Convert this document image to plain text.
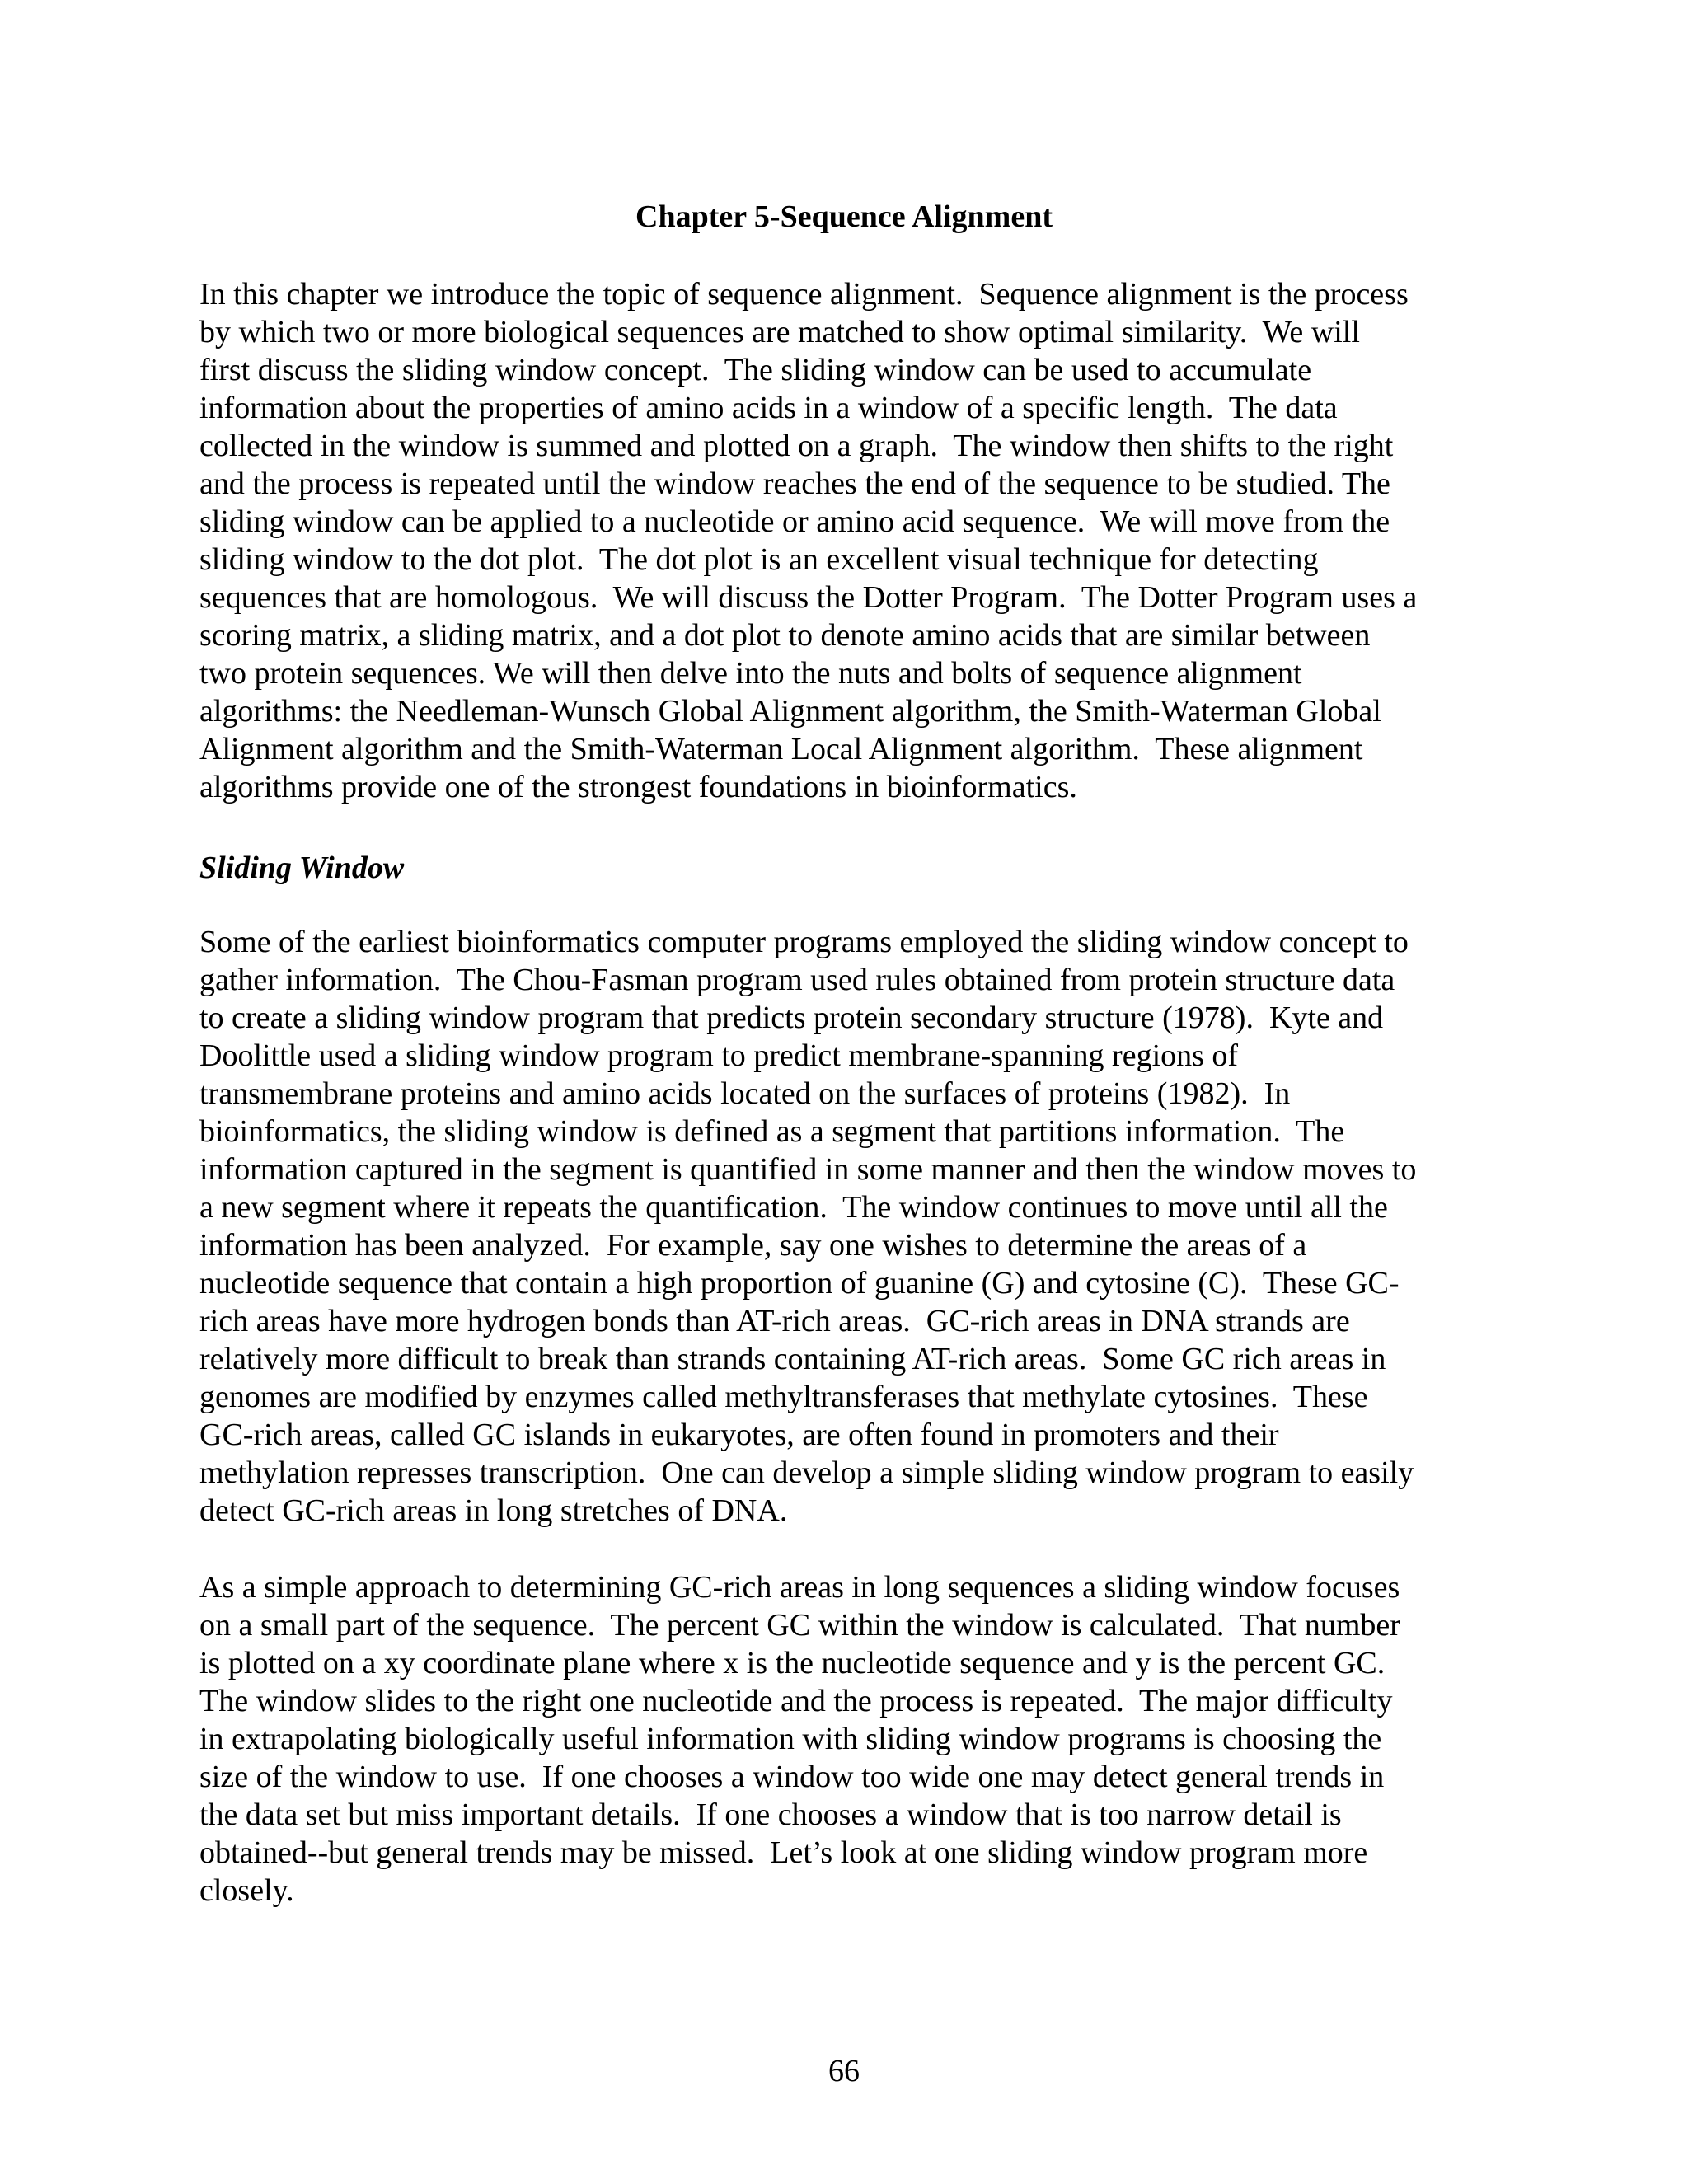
Chapter 5-Sequence Alignment
In this chapter we introduce the topic of sequence alignment.  Sequence alignment is the process
by which two or more biological sequences are matched to show optimal similarity.  We will
first discuss the sliding window concept.  The sliding window can be used to accumulate
information about the properties of amino acids in a window of a specific length.  The data
collected in the window is summed and plotted on a graph.  The window then shifts to the right
and the process is repeated until the window reaches the end of the sequence to be studied. The
sliding window can be applied to a nucleotide or amino acid sequence.  We will move from the
sliding window to the dot plot.  The dot plot is an excellent visual technique for detecting
sequences that are homologous.  We will discuss the Dotter Program.  The Dotter Program uses a
scoring matrix, a sliding matrix, and a dot plot to denote amino acids that are similar between
two protein sequences. We will then delve into the nuts and bolts of sequence alignment
algorithms: the Needleman-Wunsch Global Alignment algorithm, the Smith-Waterman Global
Alignment algorithm and the Smith-Waterman Local Alignment algorithm.  These alignment
algorithms provide one of the strongest foundations in bioinformatics.
Sliding Window
Some of the earliest bioinformatics computer programs employed the sliding window concept to
gather information.  The Chou-Fasman program used rules obtained from protein structure data
to create a sliding window program that predicts protein secondary structure (1978).  Kyte and
Doolittle used a sliding window program to predict membrane-spanning regions of
transmembrane proteins and amino acids located on the surfaces of proteins (1982).  In
bioinformatics, the sliding window is defined as a segment that partitions information.  The
information captured in the segment is quantified in some manner and then the window moves to
a new segment where it repeats the quantification.  The window continues to move until all the
information has been analyzed.  For example, say one wishes to determine the areas of a
nucleotide sequence that contain a high proportion of guanine (G) and cytosine (C).  These GC-
rich areas have more hydrogen bonds than AT-rich areas.  GC-rich areas in DNA strands are
relatively more difficult to break than strands containing AT-rich areas.  Some GC rich areas in
genomes are modified by enzymes called methyltransferases that methylate cytosines.  These
GC-rich areas, called GC islands in eukaryotes, are often found in promoters and their
methylation represses transcription.  One can develop a simple sliding window program to easily
detect GC-rich areas in long stretches of DNA.
As a simple approach to determining GC-rich areas in long sequences a sliding window focuses
on a small part of the sequence.  The percent GC within the window is calculated.  That number
is plotted on a xy coordinate plane where x is the nucleotide sequence and y is the percent GC.
The window slides to the right one nucleotide and the process is repeated.  The major difficulty
in extrapolating biologically useful information with sliding window programs is choosing the
size of the window to use.  If one chooses a window too wide one may detect general trends in
the data set but miss important details.  If one chooses a window that is too narrow detail is
obtained--but general trends may be missed.  Let’s look at one sliding window program more
closely.
66
